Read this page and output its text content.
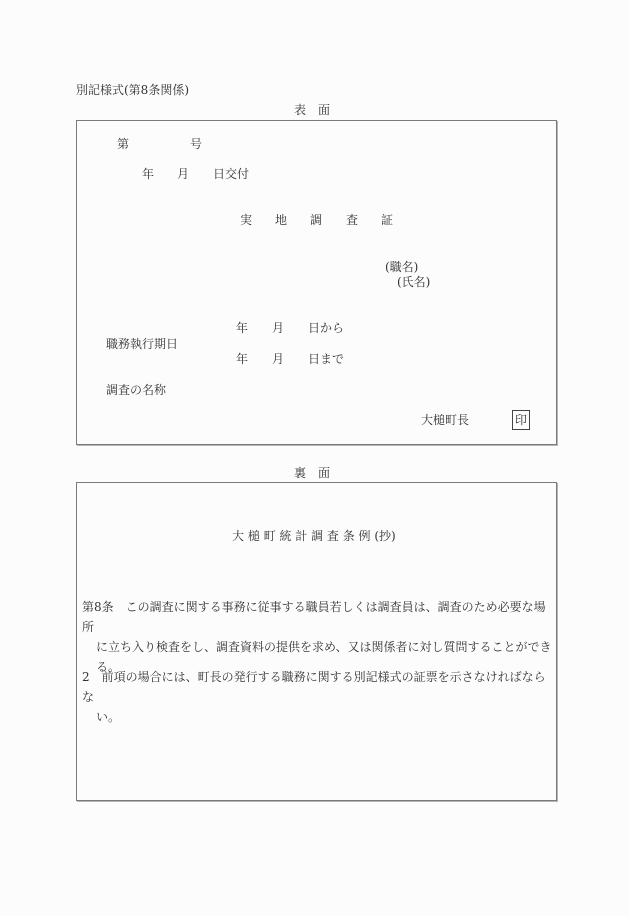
別記様式(第8条関係)
表　面
第	号
年 月 日交付
実 地 調 査 証
(職名)
(氏名)
年 月 日から
職務執行期日
年 月 日まで
調査の名称
大槌町長	印
裏　面
大 槌 町 統 計 調 査 条 例 (抄)
第8条　この調査に関する事務に従事する職員若しくは調査員は、調査のため必要な場所
に立ち入り検査をし、調査資料の提供を求め、又は関係者に対し質問することができ
る。
2　前項の場合には、町長の発行する職務に関する別記様式の証票を示さなければならな
い。
